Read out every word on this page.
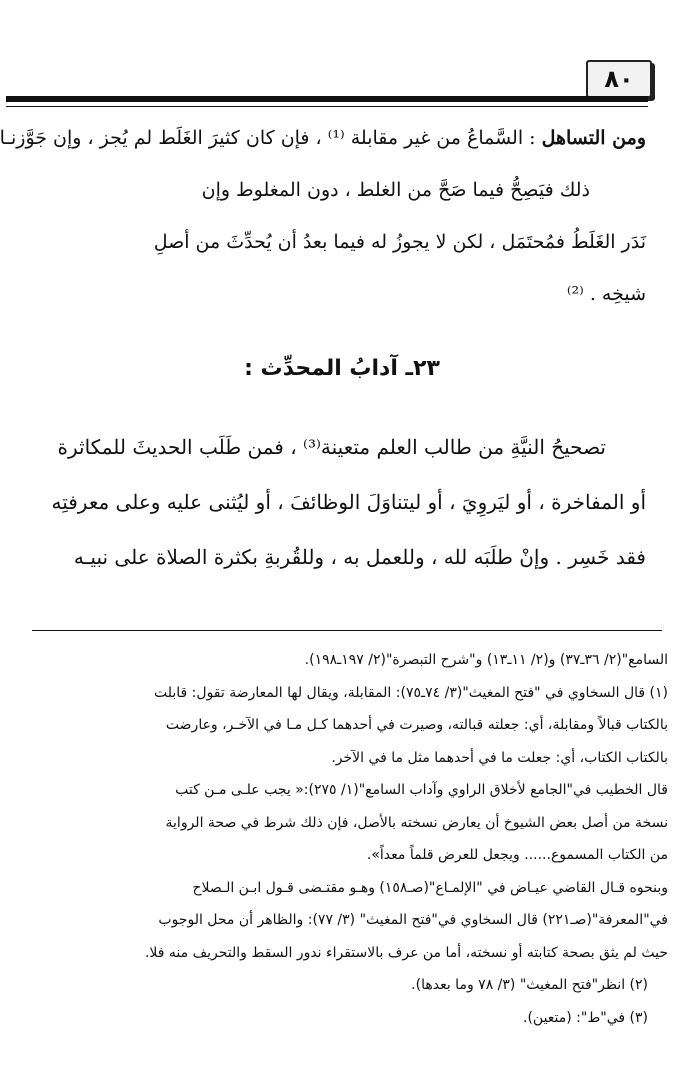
٨٠
ومن التساهل : السَّماعُ من غير مقابلة ⁽¹⁾ ، فإن كان كثيرَ الغَلَط لم يُجز ، وإن جَوَّزنـا
ذلك فيَصِحُّ فيما صَحَّ من الغلط ، دون المغلوط وإن
نَدَر الغَلَطُ فمُحتَمَل ، لكن لا يجوزُ له فيما بعدُ أن يُحدِّثَ من أصلِ
شيخِه . ⁽²⁾
٢٣ـ آدابُ المحدِّث :
تصحيحُ النيَّةِ من طالب العلم متعينة⁽³⁾ ، فمن طَلَب الحديثَ للمكاثرة
أو المفاخرة ، أو ليَروِيَ ، أو ليتناوَلَ الوظائفَ ، أو ليُثنى عليه وعلى معرفتِه
فقد خَسِر . وإنْ طلَبَه لله ، وللعمل به ، وللقُربةِ بكثرة الصلاة على نبيـه
السامع"(٢/ ٣٦ـ٣٧) و(٢/ ١١ـ١٣) و"شرح التبصرة"(٢/ ١٩٧ـ١٩٨).
(١) قال السخاوي في "فتح المغيث"(٣/ ٧٤ـ٧٥): المقابلة، ويقال لها المعارضة تقول: قابلت
بالكتاب قبالاً ومقابلة، أي: جعلته قبالته، وصيرت في أحدهما كـل مـا في الآخـر، وعارضت
بالكتاب الكتاب، أي: جعلت ما في أحدهما مثل ما في الآخر.
قال الخطيب في"الجامع لأخلاق الراوي وآداب السامع"(١/ ٢٧٥):« يجب علـى مـن كتب
نسخة من أصل بعض الشيوخ أن يعارض نسخته بالأصل، فإن ذلك شرط في صحة الرواية
من الكتاب المسموع...... ويجعل للعرض قلماً معداً».
وبنحوه قـال القاضي عيـاض في "الإلمـاع"(صـ١٥٨) وهـو مقتـضى قـول ابـن الـصلاح
في"المعرفة"(صـ٢٢١) قال السخاوي في"فتح المغيث" (٣/ ٧٧): والظاهر أن محل الوجوب
حيث لم يثق بصحة كتابته أو نسخته، أما من عرف بالاستقراء ندور السقط والتحريف منه فلا.
(٢) انظر"فتح المغيث" (٣/ ٧٨ وما بعدها).
(٣) في"ط": (متعين).
